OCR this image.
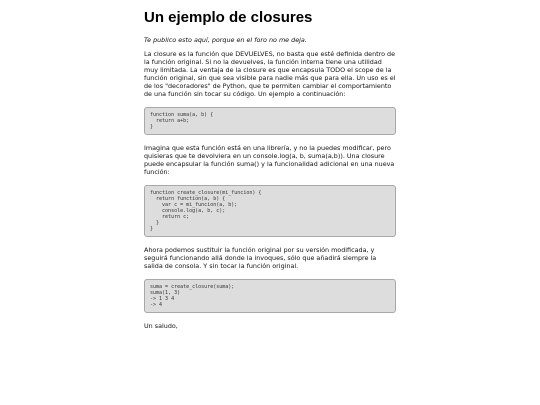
Un ejemplo de closures

Te publico esto aquí, porque en el foro no me deja.

La closure es la función que DEVUELVES, no basta que esté definida dentro de la función original. Si no la devuelves, la función interna tiene una utilidad muy limitada. La ventaja de la closure es que encapsula TODO el scope de la función original, sin que sea visible para nadie más que para ella. Un uso es el de los "decoradores" de Python, que te permiten cambiar el comportamiento de una función sin tocar su código. Un ejemplo a continuación:

function suma(a, b) {
return a+b;
}

Imagina que esta función está en una librería, y no la puedes modificar, pero quisieras que te devolviera en un console.log(a, b, suma(a,b)). Una closure puede encapsular la función suma() y la funcionalidad adicional en una nueva función:

function create_closure(mi_funcion) {
return function(a, b) {
var c = mi_funcion(a, b);
console.log(a, b, c);
return c;
}
}

Ahora podemos sustituir la función original por su versión modificada, y seguirá funcionando allá donde la invoques, sólo que añadirá siempre la salida de consola. Y sin tocar la función original.

suma = create_closure(suma);
suma(1, 3)
-> 1 3 4
-> 4

Un saludo,
